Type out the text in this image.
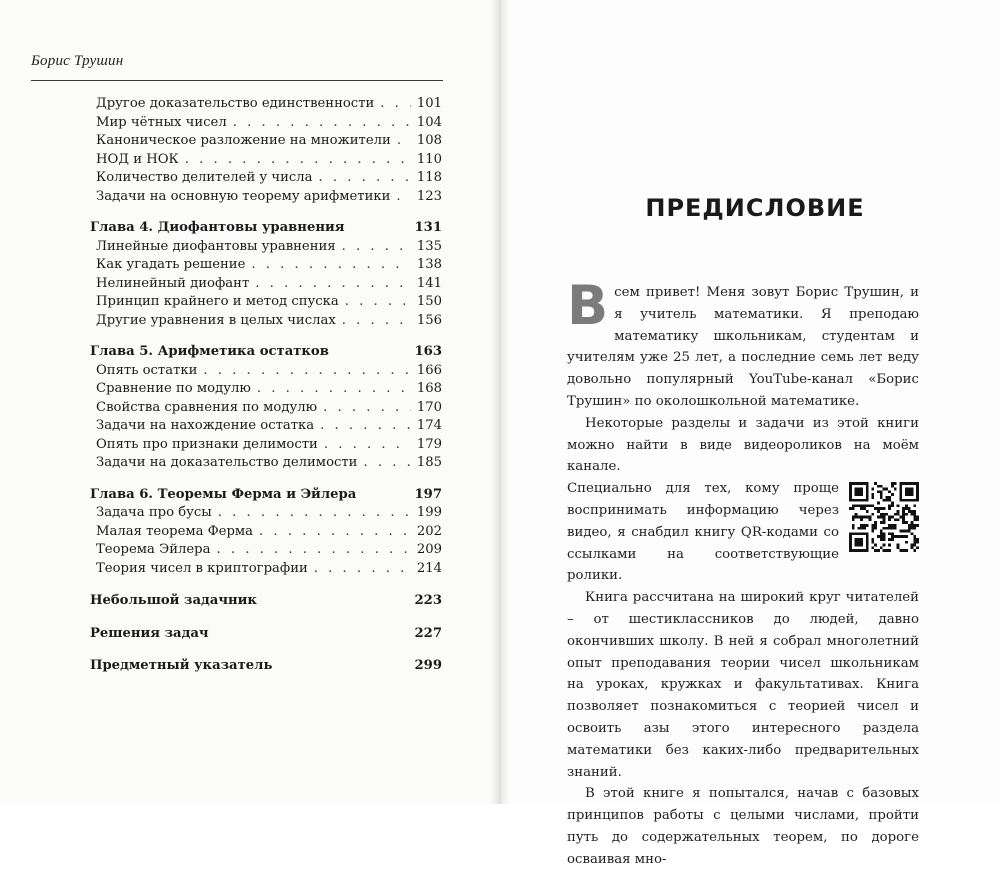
Борис Трушин
Другое доказательство единственности . . .	101
Мир чётных чисел . . .	104
Каноническое разложение на множители . . . 108
НОД и НОК . . .	110
Количество делителей у числа . . .	118
Задачи на основную теорему арифметики . . . 123
Глава 4. Диофантовы уравнения	131
Линейные диофантовы уравнения . . .	135
Как угадать решение . . .	138
Нелинейный диофант . . .	141
Принцип крайнего и метод спуска . . .	150
Другие уравнения в целых числах . . .	156
Глава 5. Арифметика остатков	163
Опять остатки . . .	166
Сравнение по модулю . . .	168
Свойства сравнения по модулю . . .	170
Задачи на нахождение остатка . . .	174
Опять про признаки делимости . . .	179
Задачи на доказательство делимости . . .	185
Глава 6. Теоремы Ферма и Эйлера	197
Задача про бусы . . .	199
Малая теорема Ферма . . .	202
Теорема Эйлера . . .	209
Теория чисел в криптографии . . .	214
Небольшой задачник	223
Решения задач	227
Предметный указатель	299
ПРЕДИСЛОВИЕ

Всем привет! Меня зовут Борис Трушин, и я учитель математики. Я преподаю математику школьникам, студентам и учителям уже 25 лет, а последние семь лет веду довольно популярный YouTube-канал «Борис Трушин» по околошкольной математике.

Некоторые разделы и задачи из этой книги можно найти в виде видеороликов на моём канале.

Специально для тех, кому проще воспринимать информацию через видео, я снабдил книгу QR-кодами со ссылками на соответствующие ролики.

Книга рассчитана на широкий круг читателей – от шестиклассников до людей, давно окончивших школу. В ней я собрал многолетний опыт преподавания теории чисел школьникам на уроках, кружках и факультативах. Книга позволяет познакомиться с теорией чисел и освоить азы этого интересного раздела математики без каких-либо предварительных знаний.

В этой книге я попытался, начав с базовых принципов работы с целыми числами, пройти путь до содержательных теорем, по дороге осваивая мно-
